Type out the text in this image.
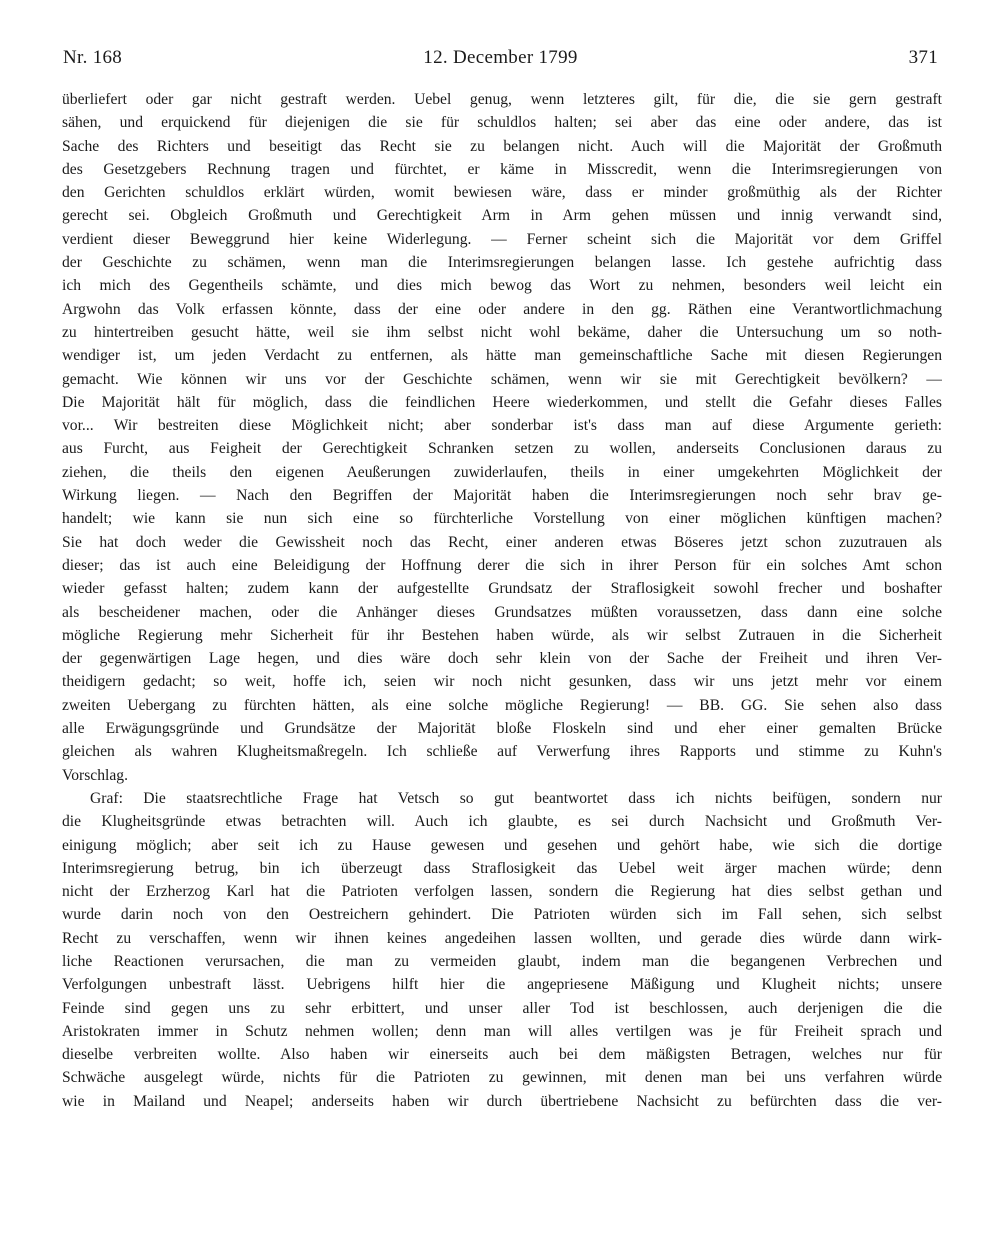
Nr. 168	12. December 1799	371
überliefert oder gar nicht gestraft werden. Uebel genug, wenn letzteres gilt, für die, die sie gern gestraft
sähen, und erquickend für diejenigen die sie für schuldlos halten; sei aber das eine oder andere, das ist
Sache des Richters und beseitigt das Recht sie zu belangen nicht. Auch will die Majorität der Großmuth
des Gesetzgebers Rechnung tragen und fürchtet, er käme in Misscredit, wenn die Interimsregierungen von
den Gerichten schuldlos erklärt würden, womit bewiesen wäre, dass er minder großmüthig als der Richter
gerecht sei. Obgleich Großmuth und Gerechtigkeit Arm in Arm gehen müssen und innig verwandt sind,
verdient dieser Beweggrund hier keine Widerlegung. — Ferner scheint sich die Majorität vor dem Griffel
der Geschichte zu schämen, wenn man die Interimsregierungen belangen lasse. Ich gestehe aufrichtig dass
ich mich des Gegentheils schämte, und dies mich bewog das Wort zu nehmen, besonders weil leicht ein
Argwohn das Volk erfassen könnte, dass der eine oder andere in den gg. Räthen eine Verantwortlichmachung
zu hintertreiben gesucht hätte, weil sie ihm selbst nicht wohl bekäme, daher die Untersuchung um so noth-
wendiger ist, um jeden Verdacht zu entfernen, als hätte man gemeinschaftliche Sache mit diesen Regierungen
gemacht. Wie können wir uns vor der Geschichte schämen, wenn wir sie mit Gerechtigkeit bevölkern? —
Die Majorität hält für möglich, dass die feindlichen Heere wiederkommen, und stellt die Gefahr dieses Falles
vor... Wir bestreiten diese Möglichkeit nicht; aber sonderbar ist's dass man auf diese Argumente gerieth:
aus Furcht, aus Feigheit der Gerechtigkeit Schranken setzen zu wollen, anderseits Conclusionen daraus zu
ziehen, die theils den eigenen Aeußerungen zuwiderlaufen, theils in einer umgekehrten Möglichkeit der
Wirkung liegen. — Nach den Begriffen der Majorität haben die Interimsregierungen noch sehr brav ge-
handelt; wie kann sie nun sich eine so fürchterliche Vorstellung von einer möglichen künftigen machen?
Sie hat doch weder die Gewissheit noch das Recht, einer anderen etwas Böseres jetzt schon zuzutrauen als
dieser; das ist auch eine Beleidigung der Hoffnung derer die sich in ihrer Person für ein solches Amt schon
wieder gefasst halten; zudem kann der aufgestellte Grundsatz der Straflosigkeit sowohl frecher und boshafter
als bescheidener machen, oder die Anhänger dieses Grundsatzes müßten voraussetzen, dass dann eine solche
mögliche Regierung mehr Sicherheit für ihr Bestehen haben würde, als wir selbst Zutrauen in die Sicherheit
der gegenwärtigen Lage hegen, und dies wäre doch sehr klein von der Sache der Freiheit und ihren Ver-
theidigern gedacht; so weit, hoffe ich, seien wir noch nicht gesunken, dass wir uns jetzt mehr vor einem
zweiten Uebergang zu fürchten hätten, als eine solche mögliche Regierung! — BB. GG. Sie sehen also dass
alle Erwägungsgründe und Grundsätze der Majorität bloße Floskeln sind und eher einer gemalten Brücke
gleichen als wahren Klugheitsmaßregeln. Ich schließe auf Verwerfung ihres Rapports und stimme zu Kuhn's
Vorschlag.
Graf: Die staatsrechtliche Frage hat Vetsch so gut beantwortet dass ich nichts beifügen, sondern nur
die Klugheitsgründe etwas betrachten will. Auch ich glaubte, es sei durch Nachsicht und Großmuth Ver-
einigung möglich; aber seit ich zu Hause gewesen und gesehen und gehört habe, wie sich die dortige
Interimsregierung betrug, bin ich überzeugt dass Straflosigkeit das Uebel weit ärger machen würde; denn
nicht der Erzherzog Karl hat die Patrioten verfolgen lassen, sondern die Regierung hat dies selbst gethan und
wurde darin noch von den Oestreichern gehindert. Die Patrioten würden sich im Fall sehen, sich selbst
Recht zu verschaffen, wenn wir ihnen keines angedeihen lassen wollten, und gerade dies würde dann wirk-
liche Reactionen verursachen, die man zu vermeiden glaubt, indem man die begangenen Verbrechen und
Verfolgungen unbestraft lässt. Uebrigens hilft hier die angepriesene Mäßigung und Klugheit nichts; unsere
Feinde sind gegen uns zu sehr erbittert, und unser aller Tod ist beschlossen, auch derjenigen die die
Aristokraten immer in Schutz nehmen wollen; denn man will alles vertilgen was je für Freiheit sprach und
dieselbe verbreiten wollte. Also haben wir einerseits auch bei dem mäßigsten Betragen, welches nur für
Schwäche ausgelegt würde, nichts für die Patrioten zu gewinnen, mit denen man bei uns verfahren würde
wie in Mailand und Neapel; anderseits haben wir durch übertriebene Nachsicht zu befürchten dass die ver-
